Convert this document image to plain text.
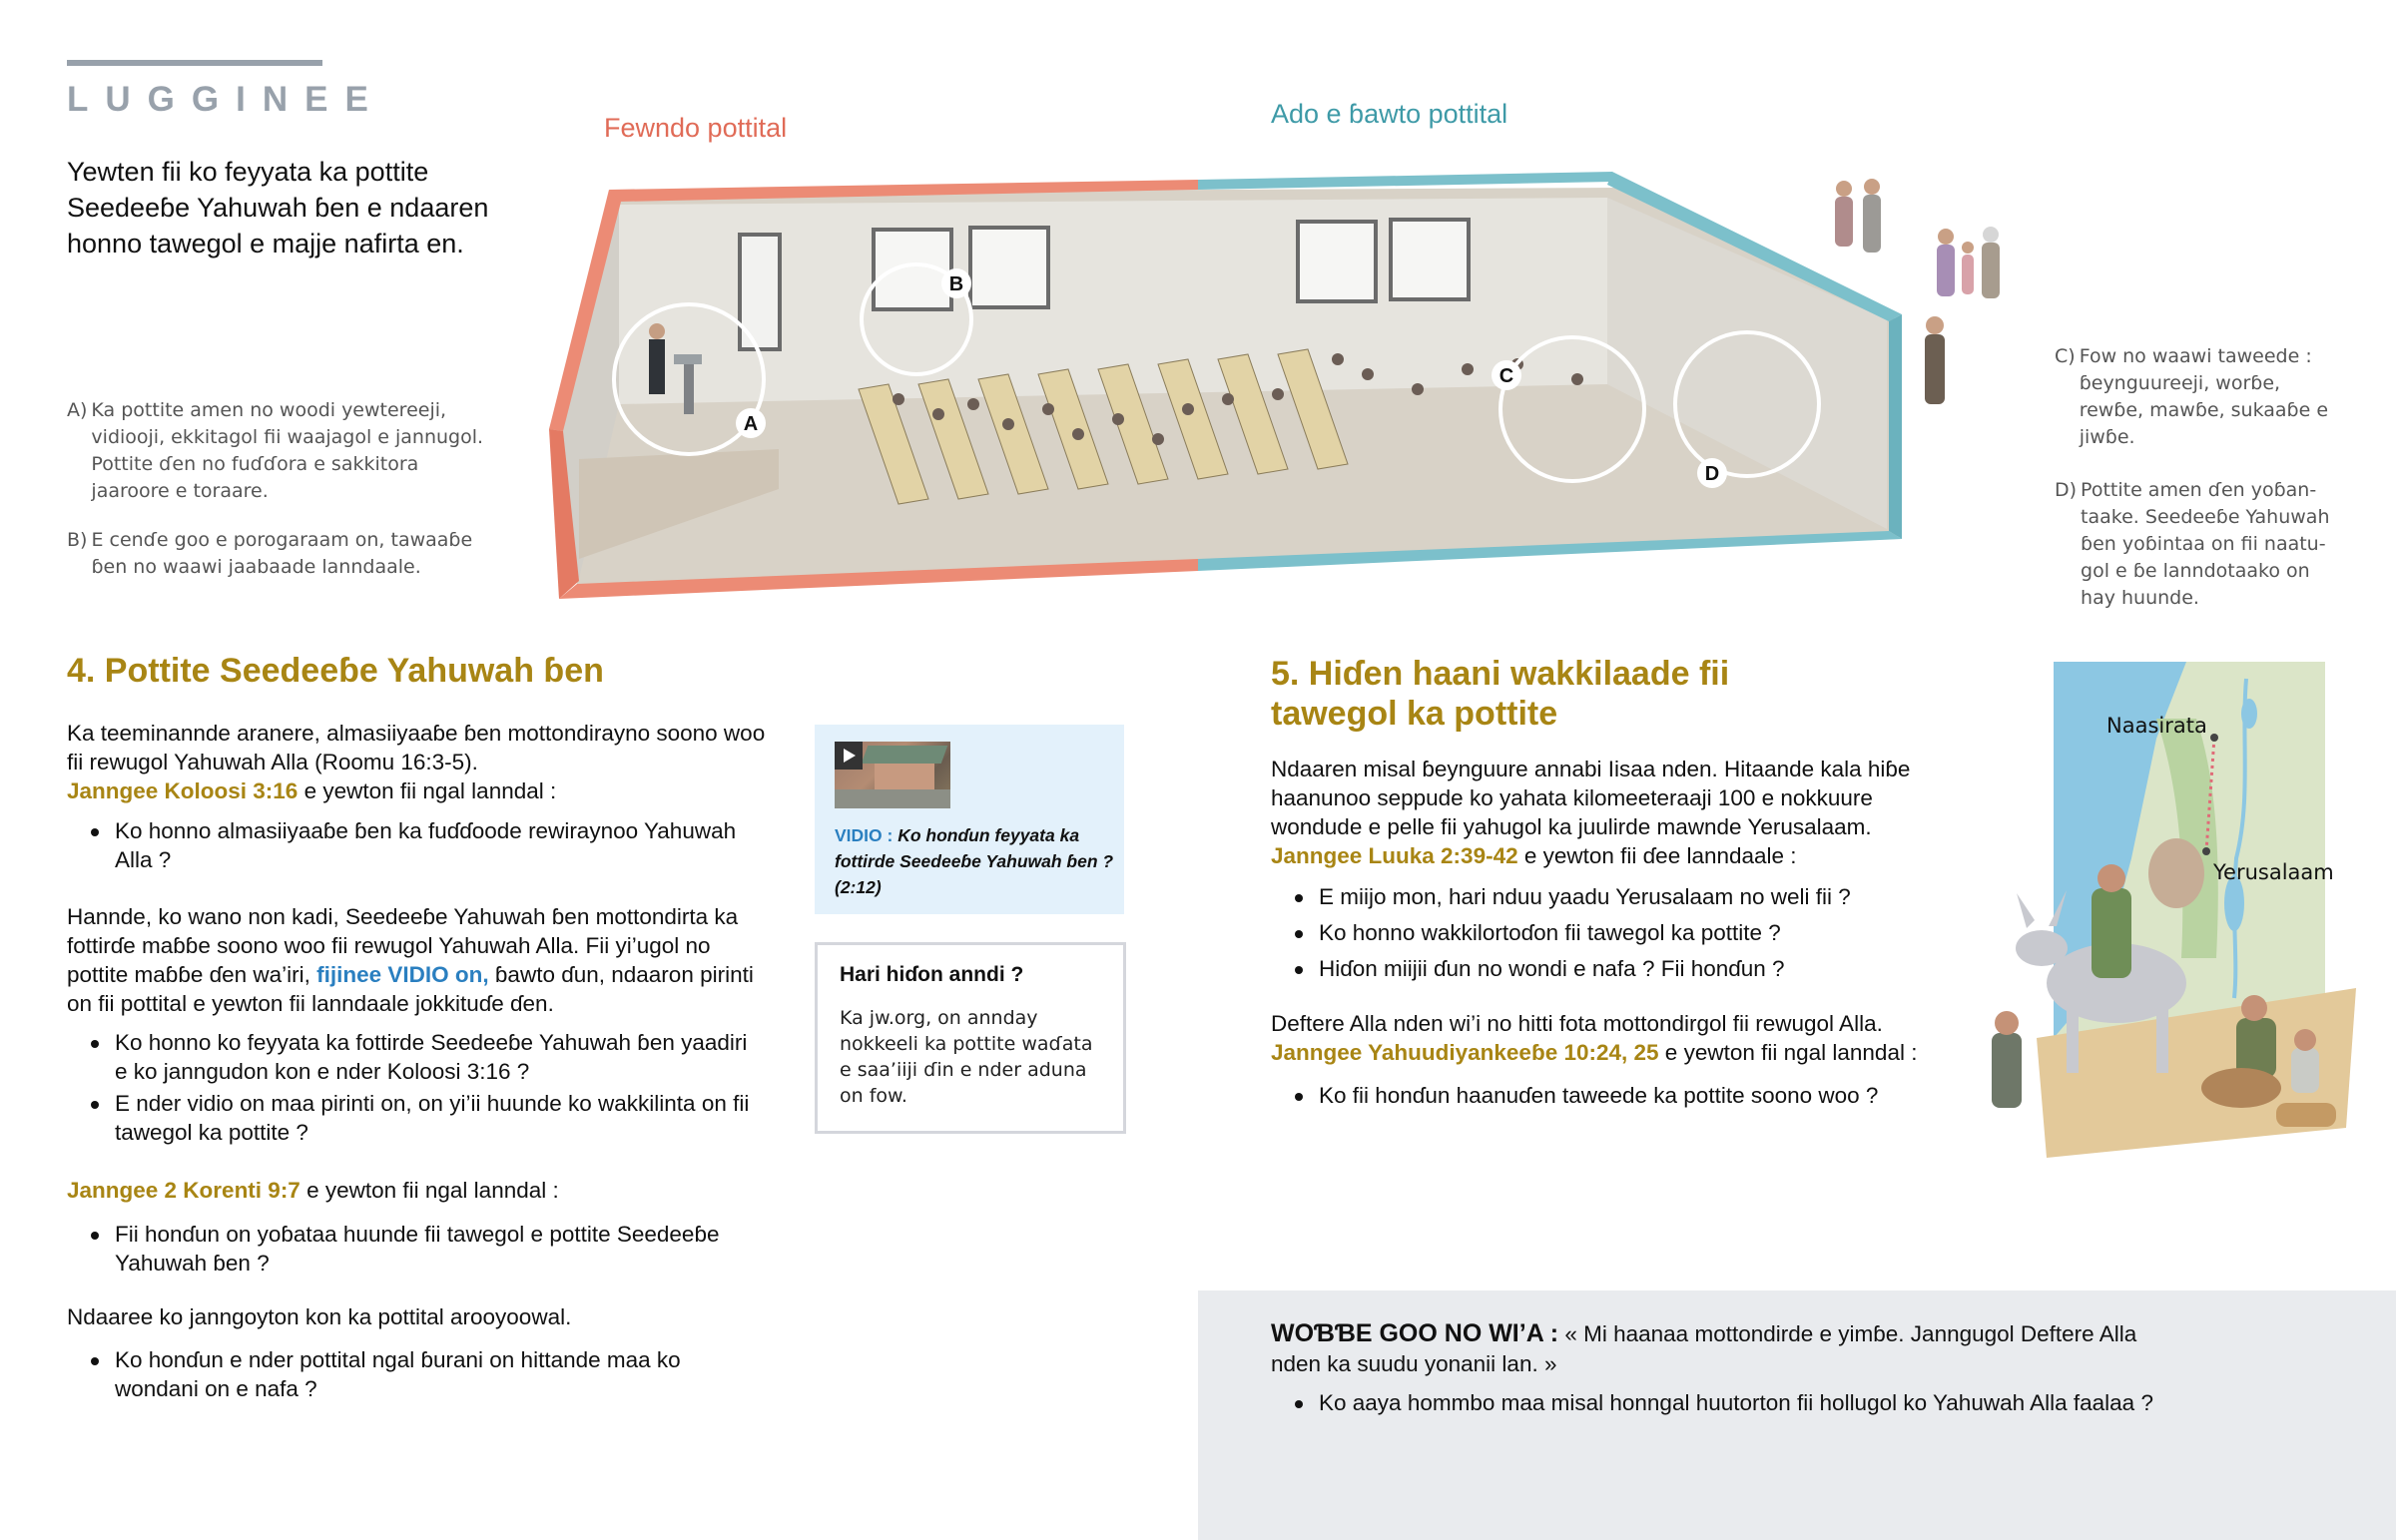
LUGGINEE
Yewten fii ko feyyata ka pottite Seedeeɓe Yahuwah ɓen e ndaaren honno tawegol e majje nafirta en.
A) Ka pottite amen no woodi yewtereeji, vidiooji, ekkitagol fii waajagol e jannugol. Pottite ɗen no fuɗɗora e sakkitora jaaroore e toraare.
B) E cenɗe goo e porogaraam on, tawaaɓe ɓen no waawi jaabaade lanndaale.
C) Fow no waawi taweede : ɓeynguureeji, worɓe, rewɓe, mawɓe, sukaaɓe e jiwɓe.
D) Pottite amen ɗen yoɓan-taake. Seedeeɓe Yahuwah ɓen yoɓintaa on fii naatu-gol e ɓe lanndotaako on hay huunde.
Fewndo pottital	Ado e ɓawto pottital
A
B
C
D
4. Pottite Seedeeɓe Yahuwah ɓen
Ka teeminannde aranere, almasiiyaaɓe ɓen mottondirayno soono woo fii rewugol Yahuwah Alla (Roomu 16:3-5).
Janngee Koloosi 3:16 e yewton fii ngal lanndal :
Ko honno almasiiyaaɓe ɓen ka fuɗɗoode rewiraynoo Yahuwah Alla ?
Hannde, ko wano non kadi, Seedeeɓe Yahuwah ɓen mottondirta ka fottirɗe maɓɓe soono woo fii rewugol Yahuwah Alla. Fii yi’ugol no pottite maɓɓe ɗen wa’iri, fijinee VIDIO on, ɓawto ɗun, ndaaron pirinti on fii pottital e yewton fii lanndaale jokkituɗe ɗen.
Ko honno ko feyyata ka fottirde Seedeeɓe Yahuwah ɓen yaadiri e ko janngudon kon e nder Koloosi 3:16 ?
E nder vidio on maa pirinti on, on yi’ii huunde ko wakkilinta on fii tawegol ka pottite ?
Janngee 2 Korenti 9:7 e yewton fii ngal lanndal :
Fii honɗun on yoɓataa huunde fii tawegol e pottite Seedeeɓe Yahuwah ɓen ?
Ndaaree ko janngoyton kon ka pottital arooyoowal.
Ko honɗun e nder pottital ngal ɓurani on hittande maa ko wondani on e nafa ?
VIDIO : Ko honɗun feyyata ka fottirde Seedeeɓe Yahuwah ɓen ? (2:12)
Hari hiɗon anndi ?
Ka jw.org, on annday nokkeeli ka pottite waɗata e saa’iiji ɗin e nder aduna on fow.
5. Hiɗen haani wakkilaade fii tawegol ka pottite
Ndaaren misal ɓeynguure annabi Iisaa nden. Hitaande kala hiɓe haanunoo seppude ko yahata kilomeeteraaji 100 e nokkuure wondude e pelle fii yahugol ka juulirde mawnde Yerusalaam.
Janngee Luuka 2:39-42 e yewton fii ɗee lanndaale :
E miijo mon, hari nduu yaadu Yerusalaam no weli fii ?
Ko honno wakkilortoɗon fii tawegol ka pottite ?
Hiɗon miijii ɗun no wondi e nafa ? Fii honɗun ?
Deftere Alla nden wi’i no hitti fota mottondirgol fii rewugol Alla.
Janngee Yahuudiyankeeɓe 10:24, 25 e yewton fii ngal lanndal :
Ko fii honɗun haanuɗen taweede ka pottite soono woo ?
Naasirata
Yerusalaam
WOƁƁE GOO NO WI’A : « Mi haanaa mottondirde e yimɓe. Janngugol Deftere Alla nden ka suudu yonanii lan. »
Ko aaya hommbo maa misal honngal huutorton fii hollugol ko Yahuwah Alla faalaa ?
